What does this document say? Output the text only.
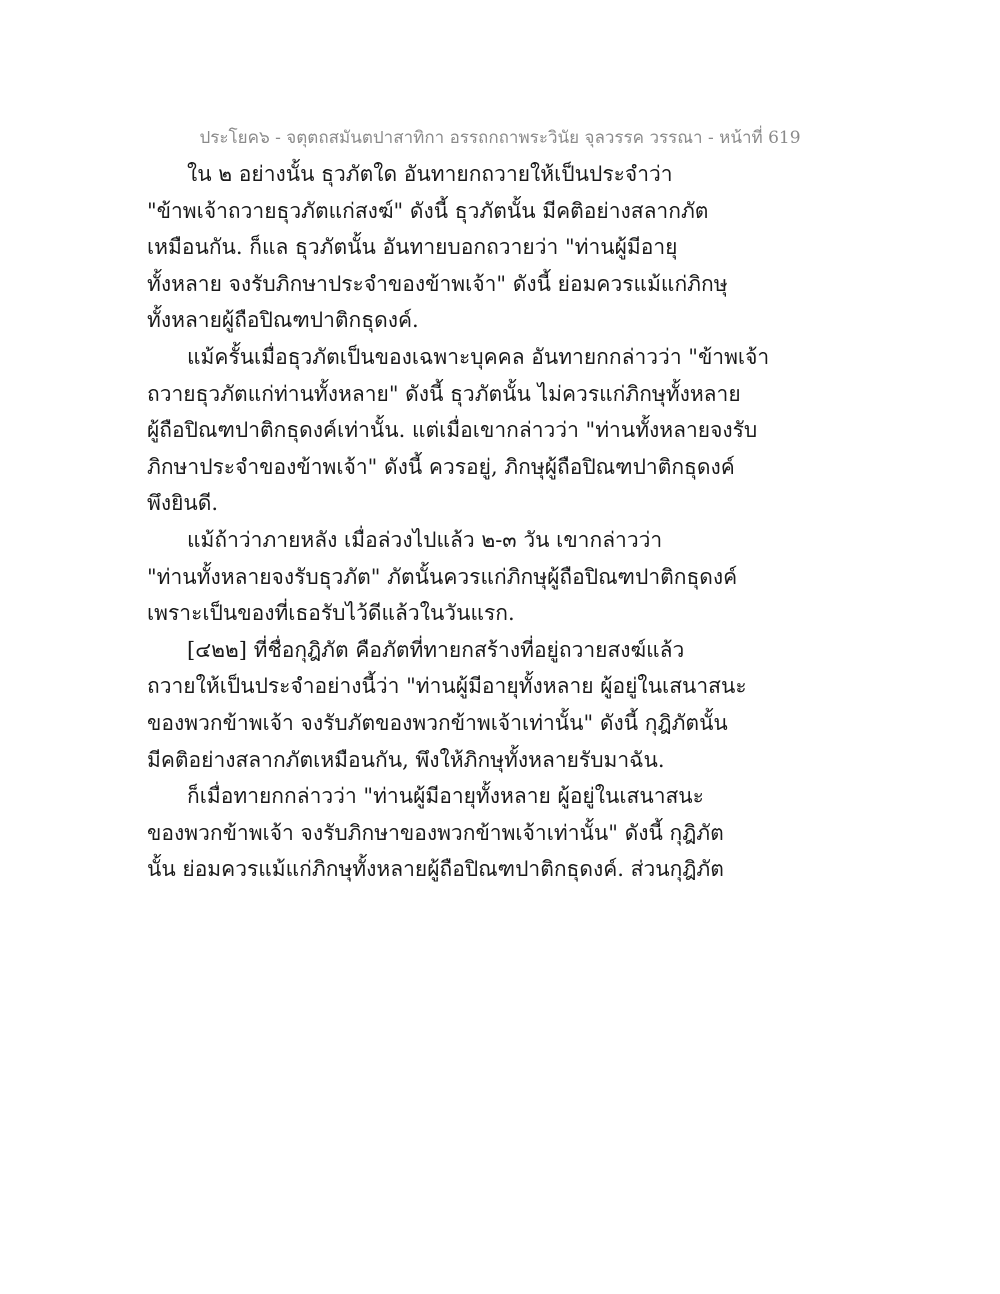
ประโยค๖ - จตุตถสมันตปาสาทิกา อรรถกถาพระวินัย จุลวรรค วรรณา - หน้าที่ 619
ใน ๒ อย่างนั้น ธุวภัตใด อันทายกถวายให้เป็นประจำว่า
"ข้าพเจ้าถวายธุวภัตแก่สงฆ์" ดังนี้ ธุวภัตนั้น มีคติอย่างสลากภัต
เหมือนกัน. ก็แล ธุวภัตนั้น อันทายบอกถวายว่า "ท่านผู้มีอายุ
ทั้งหลาย จงรับภิกษาประจำของข้าพเจ้า" ดังนี้ ย่อมควรแม้แก่ภิกษุ
ทั้งหลายผู้ถือปิณฑปาติกธุดงค์.
แม้ครั้นเมื่อธุวภัตเป็นของเฉพาะบุคคล อันทายกกล่าวว่า "ข้าพเจ้า
ถวายธุวภัตแก่ท่านทั้งหลาย" ดังนี้ ธุวภัตนั้น ไม่ควรแก่ภิกษุทั้งหลาย
ผู้ถือปิณฑปาติกธุดงค์เท่านั้น. แต่เมื่อเขากล่าวว่า "ท่านทั้งหลายจงรับ
ภิกษาประจำของข้าพเจ้า" ดังนี้ ควรอยู่, ภิกษุผู้ถือปิณฑปาติกธุดงค์
พึงยินดี.
แม้ถ้าว่าภายหลัง เมื่อล่วงไปแล้ว ๒-๓ วัน เขากล่าวว่า
"ท่านทั้งหลายจงรับธุวภัต" ภัตนั้นควรแก่ภิกษุผู้ถือปิณฑปาติกธุดงค์
เพราะเป็นของที่เธอรับไว้ดีแล้วในวันแรก.
[๔๒๒] ที่ชื่อกุฎิภัต คือภัตที่ทายกสร้างที่อยู่ถวายสงฆ์แล้ว
ถวายให้เป็นประจำอย่างนี้ว่า "ท่านผู้มีอายุทั้งหลาย ผู้อยู่ในเสนาสนะ
ของพวกข้าพเจ้า จงรับภัตของพวกข้าพเจ้าเท่านั้น" ดังนี้ กุฎิภัตนั้น
มีคติอย่างสลากภัตเหมือนกัน, พึงให้ภิกษุทั้งหลายรับมาฉัน.
ก็เมื่อทายกกล่าวว่า "ท่านผู้มีอายุทั้งหลาย ผู้อยู่ในเสนาสนะ
ของพวกข้าพเจ้า จงรับภิกษาของพวกข้าพเจ้าเท่านั้น" ดังนี้ กุฎิภัต
นั้น ย่อมควรแม้แก่ภิกษุทั้งหลายผู้ถือปิณฑปาติกธุดงค์. ส่วนกุฎิภัต
